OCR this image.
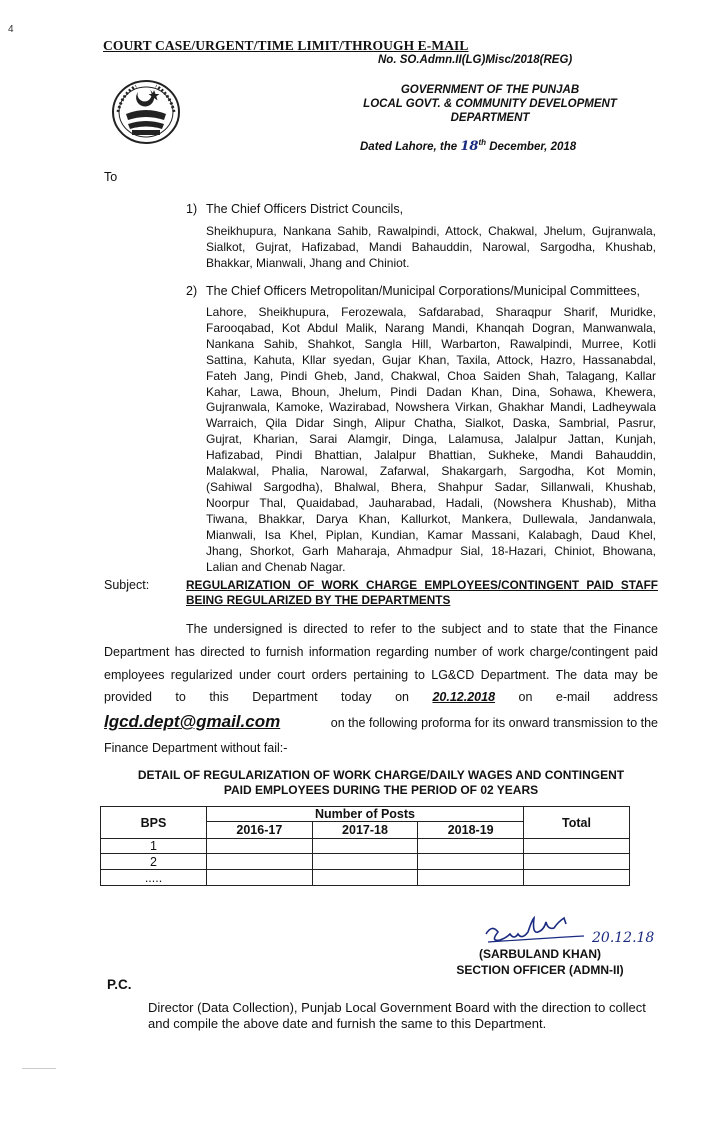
4
COURT CASE/URGENT/TIME LIMIT/THROUGH E-MAIL
No. SO.Admn.II(LG)Misc/2018(REG)
GOVERNMENT OF THE PUNJAB
LOCAL GOVT. & COMMUNITY DEVELOPMENT
DEPARTMENT
Dated Lahore, the 18th December, 2018
To
1) The Chief Officers District Councils,
Sheikhupura, Nankana Sahib, Rawalpindi, Attock, Chakwal, Jhelum, Gujranwala,
Sialkot, Gujrat, Hafizabad, Mandi Bahauddin, Narowal, Sargodha, Khushab,
Bhakkar, Mianwali, Jhang and Chiniot.
2) The Chief Officers Metropolitan/Municipal Corporations/Municipal Committees,
Lahore, Sheikhupura, Ferozewala, Safdarabad, Sharaqpur Sharif, Muridke,
Farooqabad, Kot Abdul Malik, Narang Mandi, Khanqah Dogran, Manwanwala,
Nankana Sahib, Shahkot, Sangla Hill, Warbarton, Rawalpindi, Murree, Kotli
Sattina, Kahuta, Kllar syedan, Gujar Khan, Taxila, Attock, Hazro, Hassanabdal,
Fateh Jang, Pindi Gheb, Jand, Chakwal, Choa Saiden Shah, Talagang, Kallar
Kahar, Lawa, Bhoun, Jhelum, Pindi Dadan Khan, Dina, Sohawa, Khewera,
Gujranwala, Kamoke, Wazirabad, Nowshera Virkan, Ghakhar Mandi, Ladheywala
Warraich, Qila Didar Singh, Alipur Chatha, Sialkot, Daska, Sambrial, Pasrur,
Gujrat, Kharian, Sarai Alamgir, Dinga, Lalamusa, Jalalpur Jattan, Kunjah,
Hafizabad, Pindi Bhattian, Jalalpur Bhattian, Sukheke, Mandi Bahauddin,
Malakwal, Phalia, Narowal, Zafarwal, Shakargarh, Sargodha, Kot Momin,
(Sahiwal Sargodha), Bhalwal, Bhera, Shahpur Sadar, Sillanwali, Khushab,
Noorpur Thal, Quaidabad, Jauharabad, Hadali, (Nowshera Khushab), Mitha
Tiwana, Bhakkar, Darya Khan, Kallurkot, Mankera, Dullewala, Jandanwala,
Mianwali, Isa Khel, Piplan, Kundian, Kamar Massani, Kalabagh, Daud Khel,
Jhang, Shorkot, Garh Maharaja, Ahmadpur Sial, 18-Hazari, Chiniot, Bhowana,
Lalian and Chenab Nagar.
Subject:	REGULARIZATION OF WORK CHARGE EMPLOYEES/CONTINGENT PAID STAFF BEING REGULARIZED BY THE DEPARTMENTS
The undersigned is directed to refer to the subject and to state that the Finance
Department has directed to furnish information regarding number of work charge/contingent paid
employees regularized under court orders pertaining to LG&CD Department. The data may be
provided to this Department today on 20.12.2018 on e-mail address
lgcd.dept@gmail.com	on the following proforma for its onward transmission to the
Finance Department without fail:-
DETAIL OF REGULARIZATION OF WORK CHARGE/DAILY WAGES AND CONTINGENT
PAID EMPLOYEES DURING THE PERIOD OF 02 YEARS
BPS	Number of Posts			Total
	2016-17	2017-18	2018-19	
1				
2				
.....				
20.12.18
(SARBULAND KHAN)
SECTION OFFICER (ADMN-II)
P.C.
Director (Data Collection), Punjab Local Government Board with the direction to collect and compile the above date and furnish the same to this Department.
